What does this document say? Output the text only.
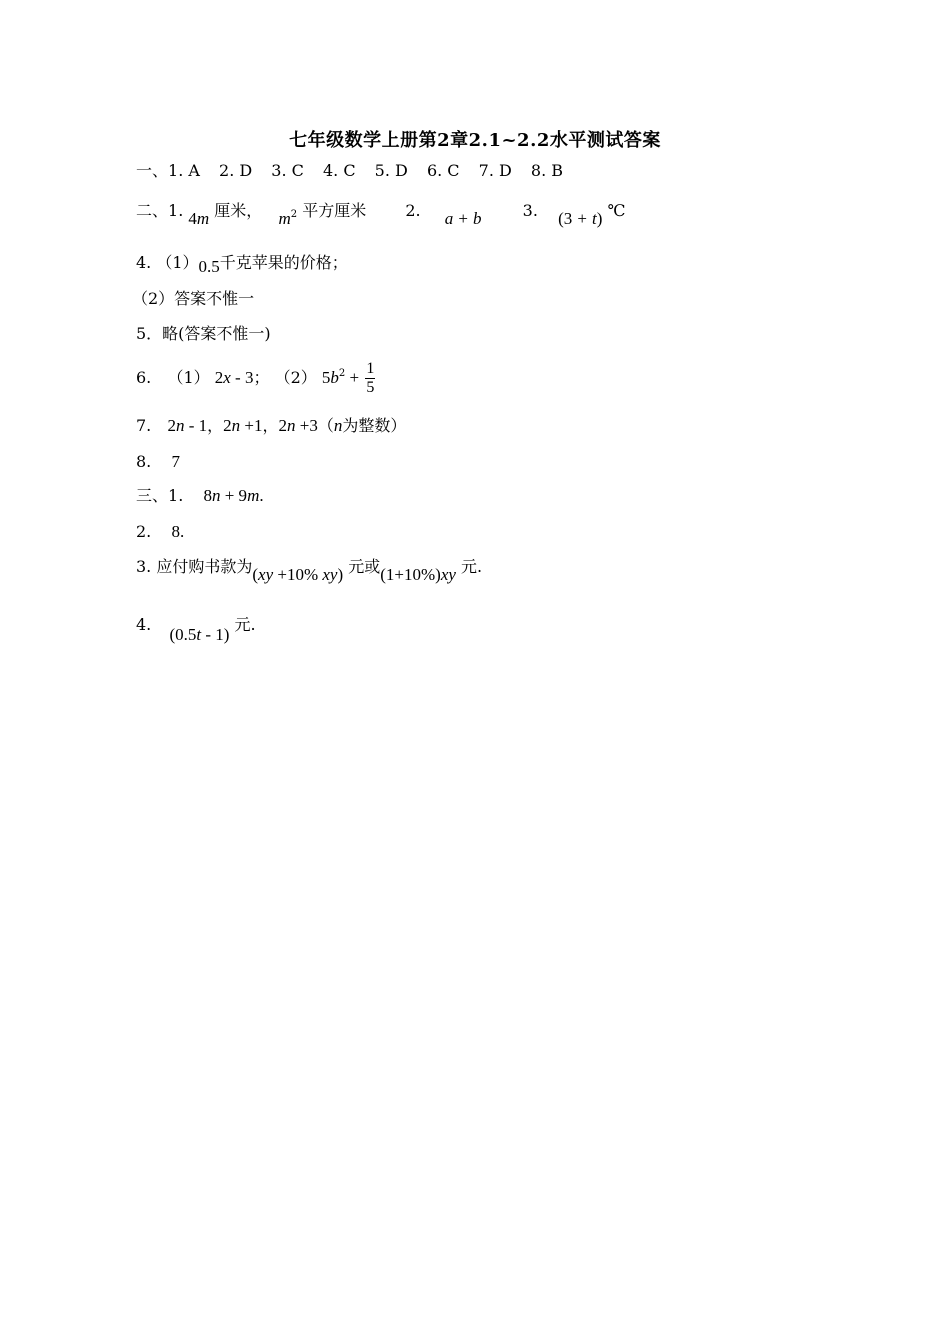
七年级数学上册第2章2.1~2.2水平测试答案
一、1. A 2. D 3. C 4. C 5. D 6. C 7. D 8. B
二、1. 4m 厘米， $m^2$ 平方厘米 2. a + b	3. (3 + t) ℃
4. （1）0.5千克苹果的价格；
（2）答案不惟一
5．略(答案不惟一)
6. （1） 2x - 3； （2） $5b^2 + \frac{1}{5}$
7. 2n - 1，2n +1，2n +3（n为整数）
8. 7
三、1. 8n + 9m.
2. 8.
3. 应付购书款为(xy +10% xy) 元或(1+10%)xy 元.
4.  (0.5t - 1) 元.
